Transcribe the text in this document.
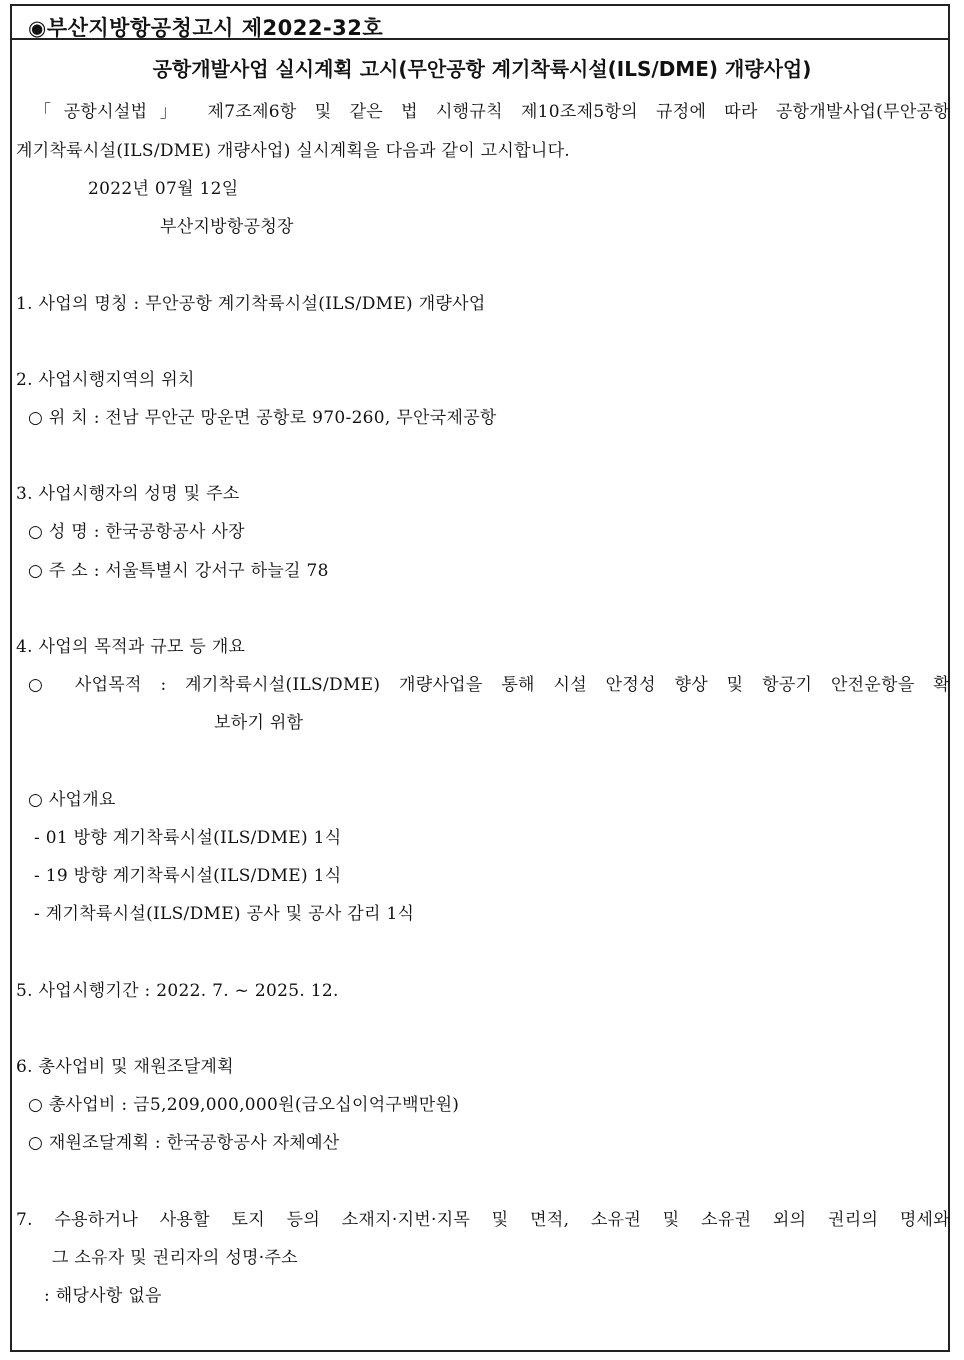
◉부산지방항공청고시 제2022-32호
공항개발사업 실시계획 고시(무안공항 계기착륙시설(ILS/DME) 개량사업)
「공항시설법」 제7조제6항 및 같은 법 시행규칙 제10조제5항의 규정에 따라 공항개발사업(무안공항
계기착륙시설(ILS/DME) 개량사업) 실시계획을 다음과 같이 고시합니다.
2022년 07월 12일
부산지방항공청장
1. 사업의 명칭 : 무안공항 계기착륙시설(ILS/DME) 개량사업
2. 사업시행지역의 위치
○ 위 치 : 전남 무안군 망운면 공항로 970-260, 무안국제공항
3. 사업시행자의 성명 및 주소
○ 성 명 : 한국공항공사 사장
○ 주 소 : 서울특별시 강서구 하늘길 78
4. 사업의 목적과 규모 등 개요
○ 사업목적 : 계기착륙시설(ILS/DME) 개량사업을 통해 시설 안정성 향상 및 항공기 안전운항을 확
보하기 위함
○ 사업개요
- 01 방향 계기착륙시설(ILS/DME) 1식
- 19 방향 계기착륙시설(ILS/DME) 1식
- 계기착륙시설(ILS/DME) 공사 및 공사 감리 1식
5. 사업시행기간 : 2022. 7. ~ 2025. 12.
6. 총사업비 및 재원조달계획
○ 총사업비 : 금5,209,000,000원(금오십이억구백만원)
○ 재원조달계획 : 한국공항공사 자체예산
7. 수용하거나 사용할 토지 등의 소재지·지번·지목 및 면적, 소유권 및 소유권 외의 권리의 명세와
그 소유자 및 권리자의 성명·주소
: 해당사항 없음
